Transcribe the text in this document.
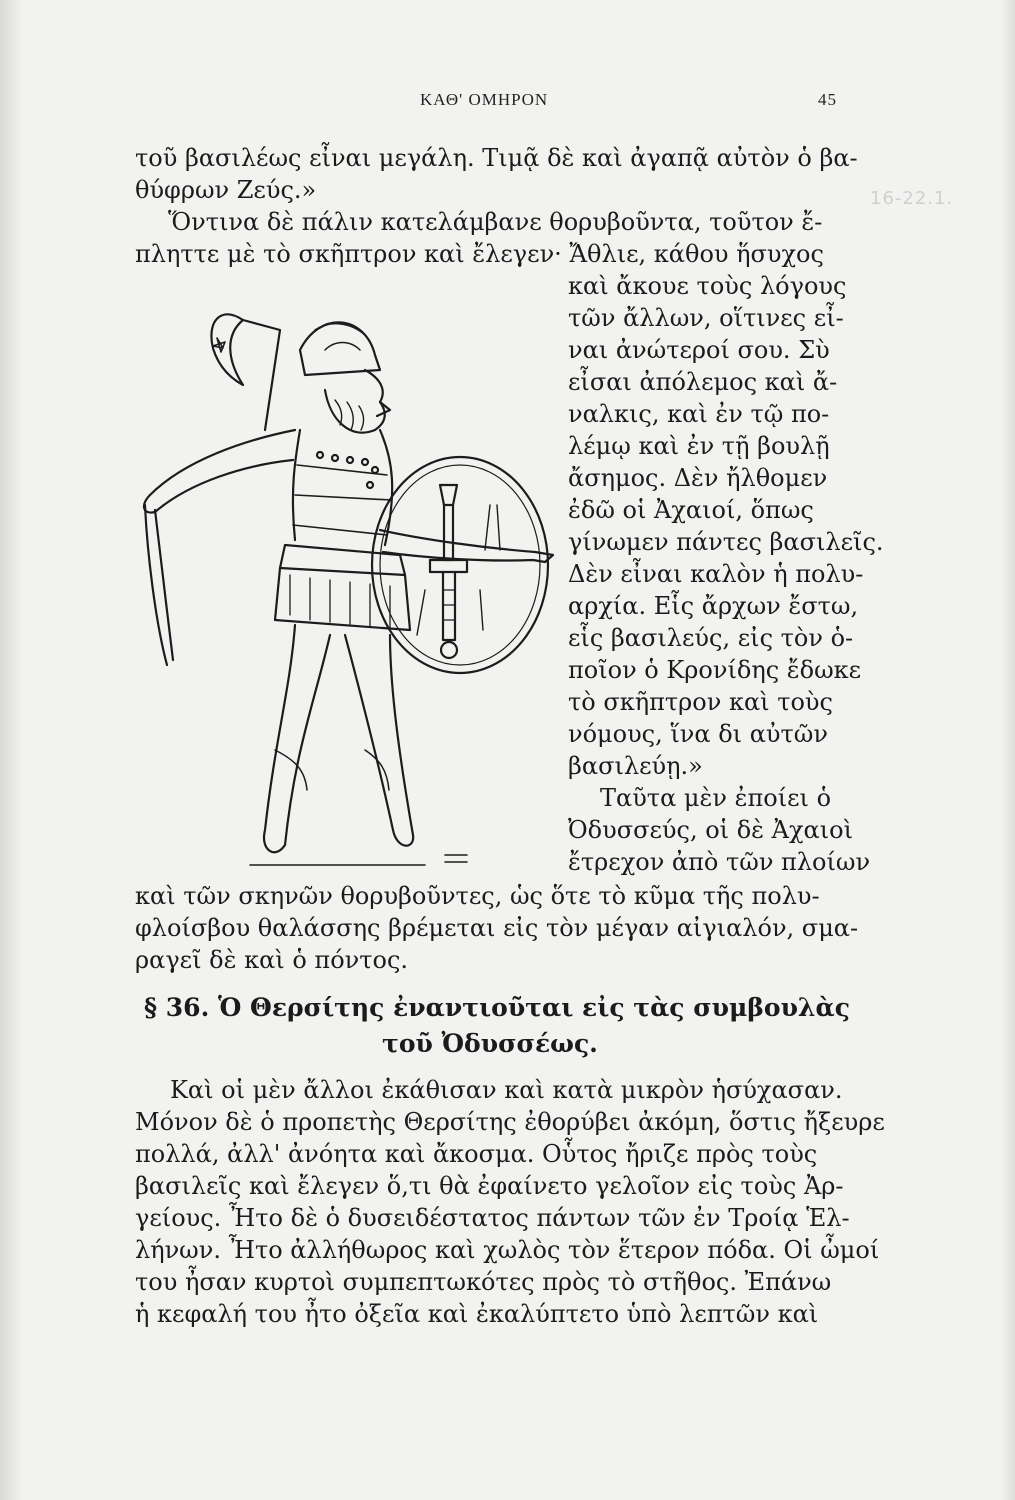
ΚΑΘ' ΟΜΗΡΟΝ	45
16-22.1.
τοῦ βασιλέως εἶναι μεγάλη. Τιμᾷ δὲ καὶ ἀγαπᾷ αὐτὸν ὁ βα-
θύφρων Ζεύς.»
Ὅντινα δὲ πάλιν κατελάμβανε θορυβοῦντα, τοῦτον ἔ-
πληττε μὲ τὸ σκῆπτρον καὶ ἔλεγεν· Ἄθλιε, κάθου ἥσυχος
καὶ ἄκουε τοὺς λόγους
τῶν ἄλλων, οἵτινες εἶ-
ναι ἀνώτεροί σου. Σὺ
εἶσαι ἀπόλεμος καὶ ἄ-
ναλκις, καὶ ἐν τῷ πο-
λέμῳ καὶ ἐν τῇ βουλῇ
ἄσημος. Δὲν ἤλθομεν
ἐδῶ οἱ Ἀχαιοί, ὅπως
γίνωμεν πάντες βασιλεῖς.
Δὲν εἶναι καλὸν ἡ πολυ-
αρχία. Εἷς ἄρχων ἔστω,
εἷς βασιλεύς, εἰς τὸν ὁ-
ποῖον ὁ Κρονίδης ἔδωκε
τὸ σκῆπτρον καὶ τοὺς
νόμους, ἵνα δι αὐτῶν
βασιλεύῃ.»
Ταῦτα μὲν ἐποίει ὁ
Ὀδυσσεύς, οἱ δὲ Ἀχαιοὶ
ἔτρεχον ἀπὸ τῶν πλοίων
καὶ τῶν σκηνῶν θορυβοῦντες, ὡς ὅτε τὸ κῦμα τῆς πολυ-
φλοίσβου θαλάσσης βρέμεται εἰς τὸν μέγαν αἰγιαλόν, σμα-
ραγεῖ δὲ καὶ ὁ πόντος.
§ 36. Ὁ Θερσίτης ἐναντιοῦται εἰς τὰς συμβουλὰς
τοῦ Ὀδυσσέως.
Καὶ οἱ μὲν ἄλλοι ἐκάθισαν καὶ κατὰ μικρὸν ἡσύχασαν.
Μόνον δὲ ὁ προπετὴς Θερσίτης ἐθορύβει ἀκόμη, ὅστις ἤξευρε
πολλά, ἀλλ' ἀνόητα καὶ ἄκοσμα. Οὗτος ἤριζε πρὸς τοὺς
βασιλεῖς καὶ ἔλεγεν ὅ,τι θὰ ἐφαίνετο γελοῖον εἰς τοὺς Ἀρ-
γείους. Ἦτο δὲ ὁ δυσειδέστατος πάντων τῶν ἐν Τροίᾳ Ἑλ-
λήνων. Ἦτο ἀλλήθωρος καὶ χωλὸς τὸν ἕτερον πόδα. Οἱ ὦμοί
του ἦσαν κυρτοὶ συμπεπτωκότες πρὸς τὸ στῆθος. Ἐπάνω
ἡ κεφαλή του ἦτο ὀξεῖα καὶ ἐκαλύπτετο ὑπὸ λεπτῶν καὶ
